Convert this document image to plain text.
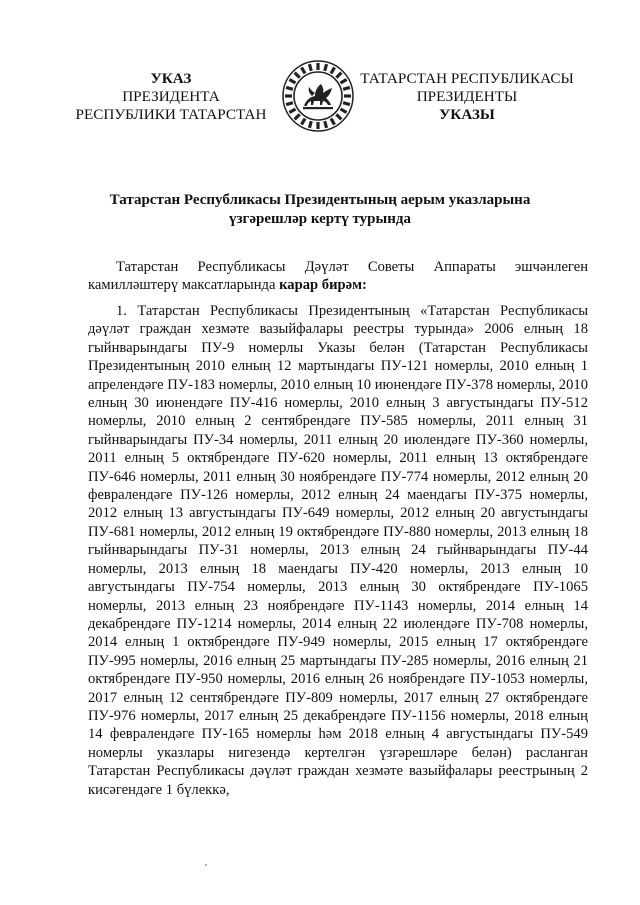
УКАЗ
ПРЕЗИДЕНТА
РЕСПУБЛИКИ ТАТАРСТАН
ТАТАРСТАН РЕСПУБЛИКАСЫ
ПРЕЗИДЕНТЫ
УКАЗЫ
Татарстан Республикасы Президентының аерым указларына
үзгәрешләр кертү турында
Татарстан Республикасы Дәүләт Советы Аппараты эшчәнлеген камилләштерү максатларында карар бирәм:
1. Татарстан Республикасы Президентының «Татарстан Республикасы дәүләт граждан хезмәте вазыйфалары реестры турында» 2006 елның 18 гыйнварындагы ПУ-9 номерлы Указы белән (Татарстан Республикасы Президентының 2010 елның 12 мартындагы ПУ-121 номерлы, 2010 елның 1 апрелендәге ПУ-183 номерлы, 2010 елның 10 июнендәге ПУ-378 номерлы, 2010 елның 30 июнендәге ПУ-416 номерлы, 2010 елның 3 августындагы ПУ-512 номерлы, 2010 елның 2 сентябрендәге ПУ-585 номерлы, 2011 елның 31 гыйнварындагы ПУ-34 номерлы, 2011 елның 20 июлендәге ПУ-360 номерлы, 2011 елның 5 октябрендәге ПУ-620 номерлы, 2011 елның 13 октябрендәге ПУ-646 номерлы, 2011 елның 30 ноябрендәге ПУ-774 номерлы, 2012 елның 20 февралендәге ПУ-126 номерлы, 2012 елның 24 маендагы ПУ-375 номерлы, 2012 елның 13 августындагы ПУ-649 номерлы, 2012 елның 20 августындагы ПУ-681 номерлы, 2012 елның 19 октябрендәге ПУ-880 номерлы, 2013 елның 18 гыйнварындагы ПУ-31 номерлы, 2013 елның 24 гыйнварындагы ПУ-44 номерлы, 2013 елның 18 маендагы ПУ-420 номерлы, 2013 елның 10 августындагы ПУ-754 номерлы, 2013 елның 30 октябрендәге ПУ-1065 номерлы, 2013 елның 23 ноябрендәге ПУ-1143 номерлы, 2014 елның 14 декабрендәге ПУ-1214 номерлы, 2014 елның 22 июлендәге ПУ-708 номерлы, 2014 елның 1 октябрендәге ПУ-949 номерлы, 2015 елның 17 октябрендәге ПУ-995 номерлы, 2016 елның 25 мартындагы ПУ-285 номерлы, 2016 елның 21 октябрендәге ПУ-950 номерлы, 2016 елның 26 ноябрендәге ПУ-1053 номерлы, 2017 елның 12 сентябрендәге ПУ-809 номерлы, 2017 елның 27 октябрендәге ПУ-976 номерлы, 2017 елның 25 декабрендәге ПУ-1156 номерлы, 2018 елның 14 февралендәге ПУ-165 номерлы һәм 2018 елның 4 августындагы ПУ-549 номерлы указлары нигезендә кертелгән үзгәрешләре белән) расланган Татарстан Республикасы дәүләт граждан хезмәте вазыйфалары реестрының 2 кисәгендәге 1 бүлеккә,
